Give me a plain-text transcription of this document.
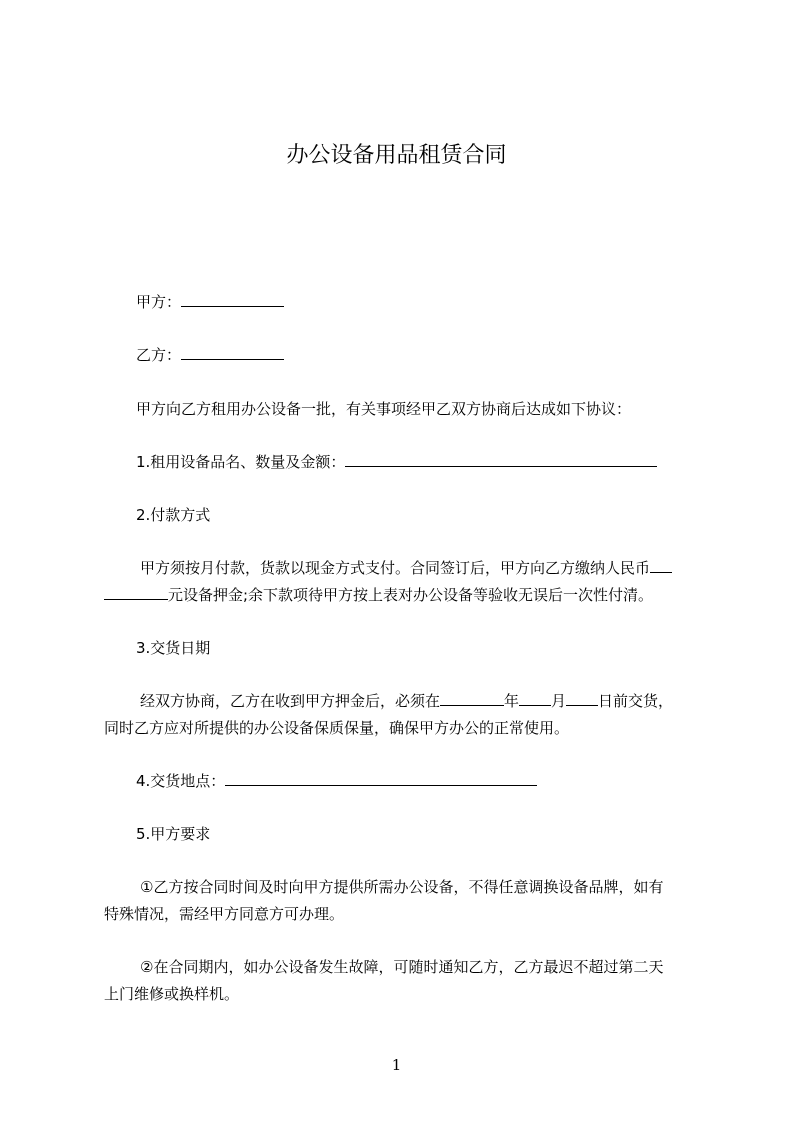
办公设备用品租赁合同
甲方：
乙方：
甲方向乙方租用办公设备一批，有关事项经甲乙双方协商后达成如下协议：
1.租用设备品名、数量及金额：
2.付款方式
甲方须按月付款，货款以现金方式支付。合同签订后，甲方向乙方缴纳人民币
元设备押金;余下款项待甲方按上表对办公设备等验收无误后一次性付清。
3.交货日期
经双方协商，乙方在收到甲方押金后，必须在	年 月 日前交货，
同时乙方应对所提供的办公设备保质保量，确保甲方办公的正常使用。
4.交货地点：
5.甲方要求
①乙方按合同时间及时向甲方提供所需办公设备，不得任意调换设备品牌，如有
特殊情况，需经甲方同意方可办理。
②在合同期内，如办公设备发生故障，可随时通知乙方，乙方最迟不超过第二天
上门维修或换样机。
1
